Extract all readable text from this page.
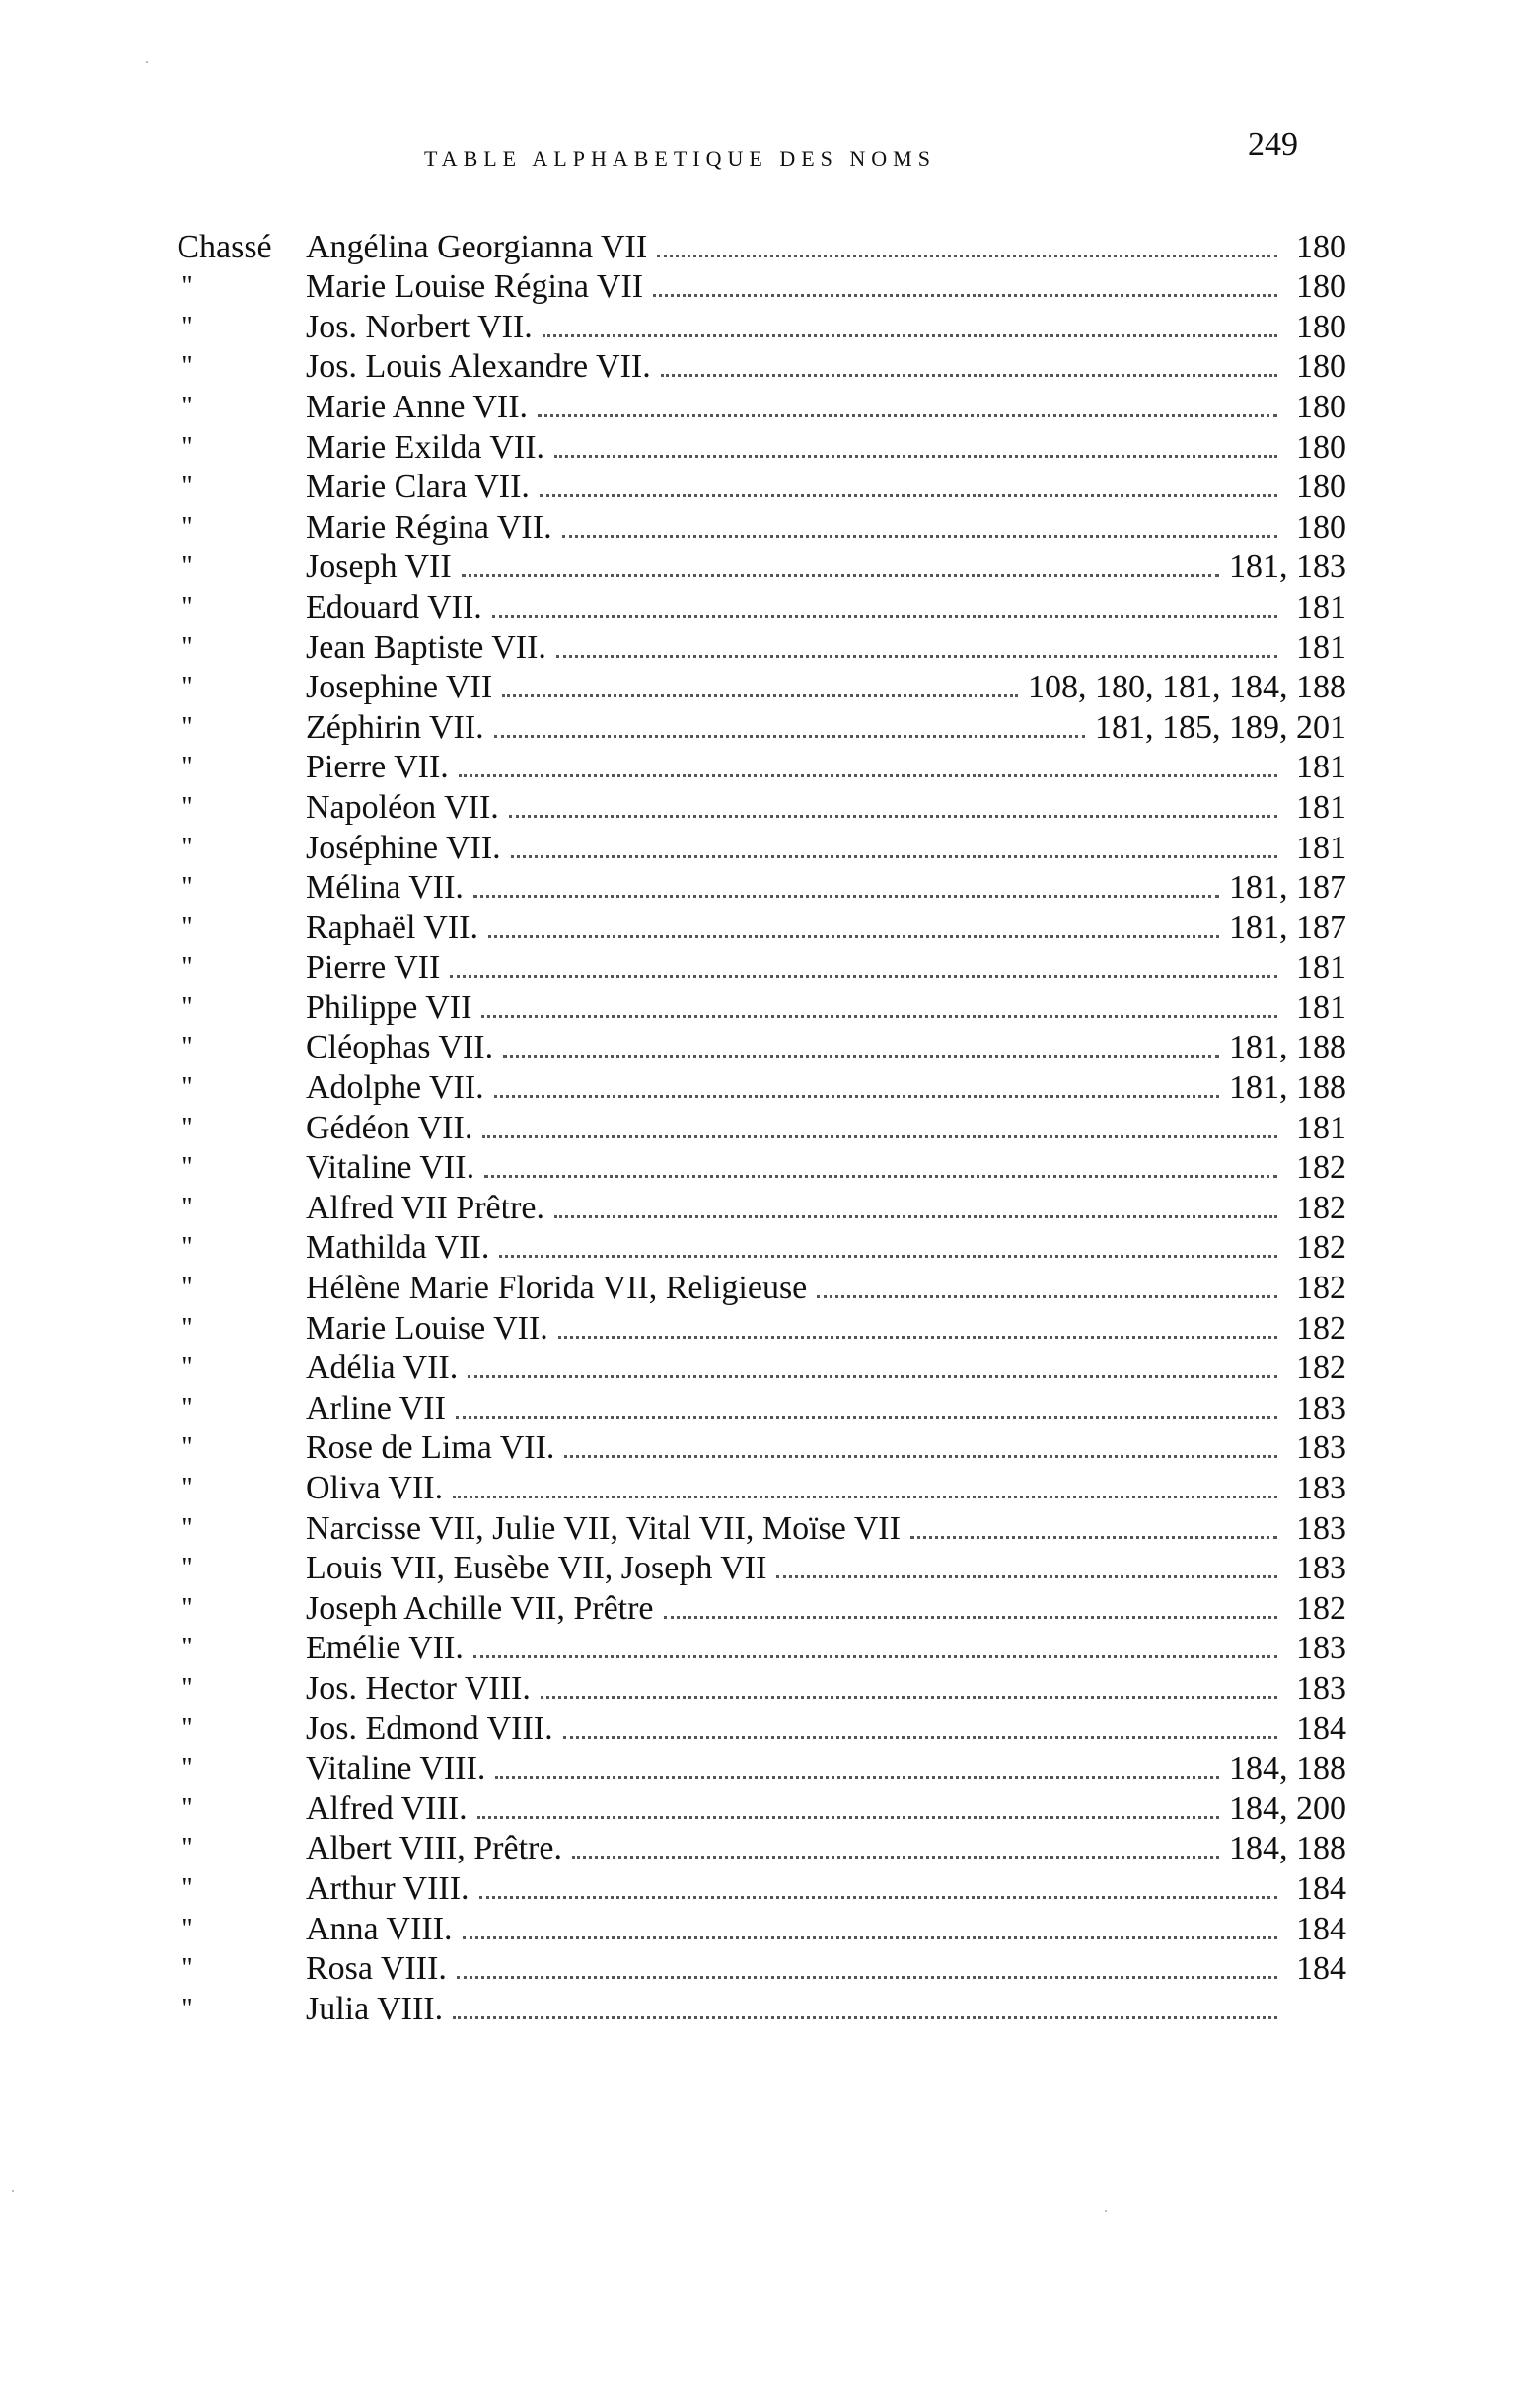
TABLE ALPHABETIQUE DES NOMS	249
Chassé	Angélina Georgianna VII	180
"	Marie Louise Régina VII	180
"	Jos. Norbert VII.	180
"	Jos. Louis Alexandre VII.	180
"	Marie Anne VII.	180
"	Marie Exilda VII.	180
"	Marie Clara VII.	180
"	Marie Régina VII.	180
"	Joseph VII	181, 183
"	Edouard VII.	181
"	Jean Baptiste VII.	181
"	Josephine VII	108, 180, 181, 184, 188
"	Zéphirin VII.	181, 185, 189, 201
"	Pierre VII.	181
"	Napoléon VII.	181
"	Joséphine VII.	181
"	Mélina VII.	181, 187
"	Raphaël VII.	181, 187
"	Pierre VII	181
"	Philippe VII	181
"	Cléophas VII.	181, 188
"	Adolphe VII.	181, 188
"	Gédéon VII.	181
"	Vitaline VII.	182
"	Alfred VII Prêtre.	182
"	Mathilda VII.	182
"	Hélène Marie Florida VII, Religieuse	182
"	Marie Louise VII.	182
"	Adélia VII.	182
"	Arline VII	183
"	Rose de Lima VII.	183
"	Oliva VII.	183
"	Narcisse VII, Julie VII, Vital VII, Moïse VII	183
"	Louis VII, Eusèbe VII, Joseph VII	183
"	Joseph Achille VII, Prêtre	182
"	Emélie VII.	183
"	Jos. Hector VIII.	183
"	Jos. Edmond VIII.	184
"	Vitaline VIII.	184, 188
"	Alfred VIII.	184, 200
"	Albert VIII, Prêtre.	184, 188
"	Arthur VIII.	184
"	Anna VIII.	184
"	Rosa VIII.	184
"	Julia VIII.
